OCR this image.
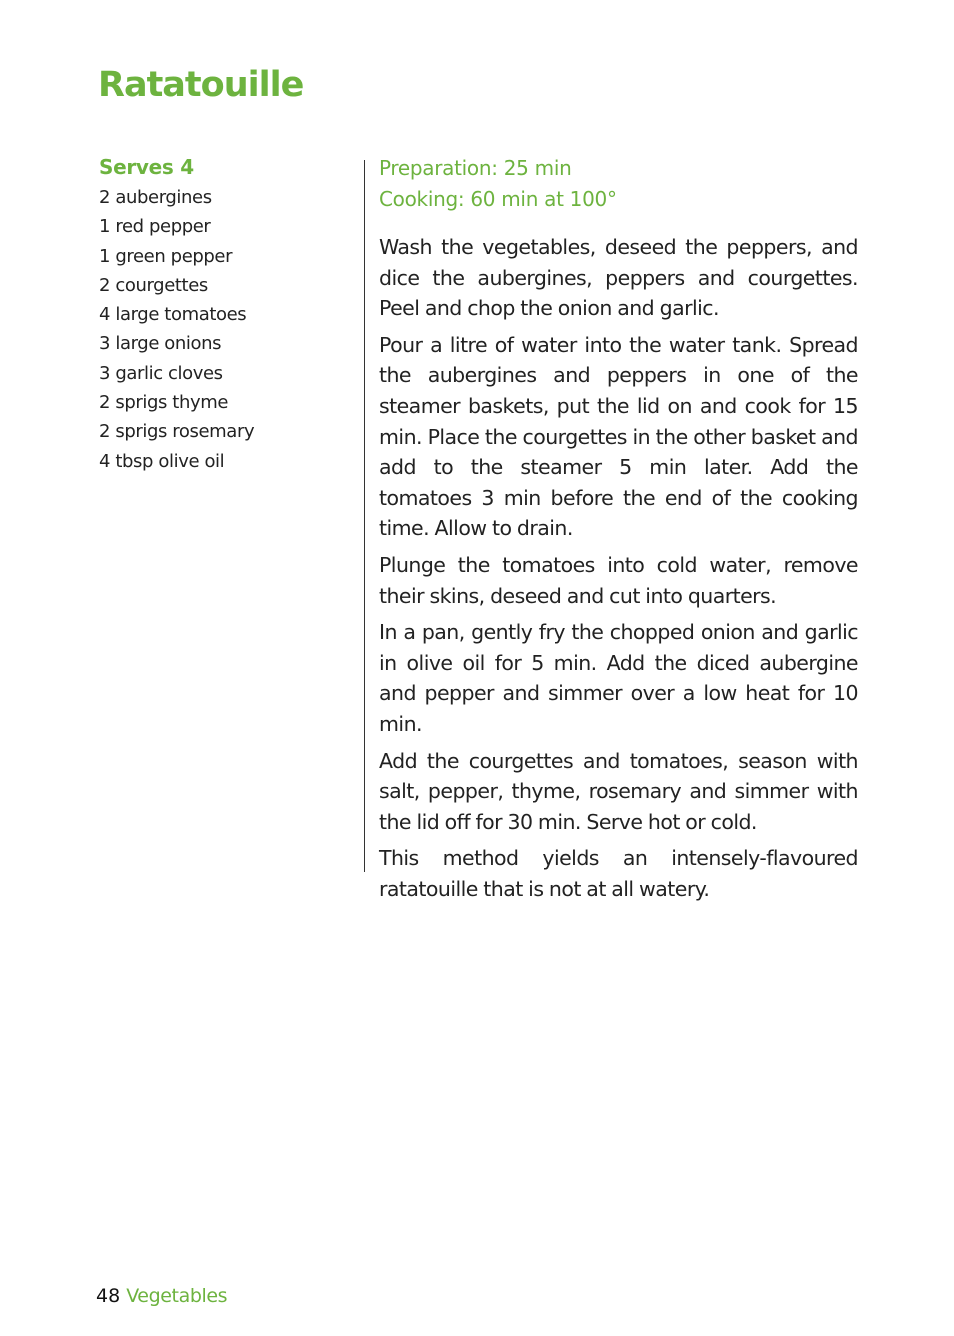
Ratatouille
Serves 4
2 aubergines
1 red pepper
1 green pepper
2 courgettes
4 large tomatoes
3 large onions
3 garlic cloves
2 sprigs thyme
2 sprigs rosemary
4 tbsp olive oil

Preparation: 25 min

Cooking: 60 min at 100°

Wash the vegetables, deseed the peppers, and dice the aubergines, peppers and courgettes. Peel and chop the onion and garlic.

Pour a litre of water into the water tank. Spread the aubergines and peppers in one of the steamer baskets, put the lid on and cook for 15 min. Place the courgettes in the other basket and add to the steamer 5 min later. Add the tomatoes 3 min before the end of the cooking time. Allow to drain.

Plunge the tomatoes into cold water, remove their skins, deseed and cut into quarters.

In a pan, gently fry the chopped onion and garlic in olive oil for 5 min. Add the diced aubergine and pepper and simmer over a low heat for 10 min.

Add the courgettes and tomatoes, season with salt, pepper, thyme, rosemary and simmer with the lid off for 30 min. Serve hot or cold.

This method yields an intensely-flavoured ratatouille that is not at all watery.

48 Vegetables
